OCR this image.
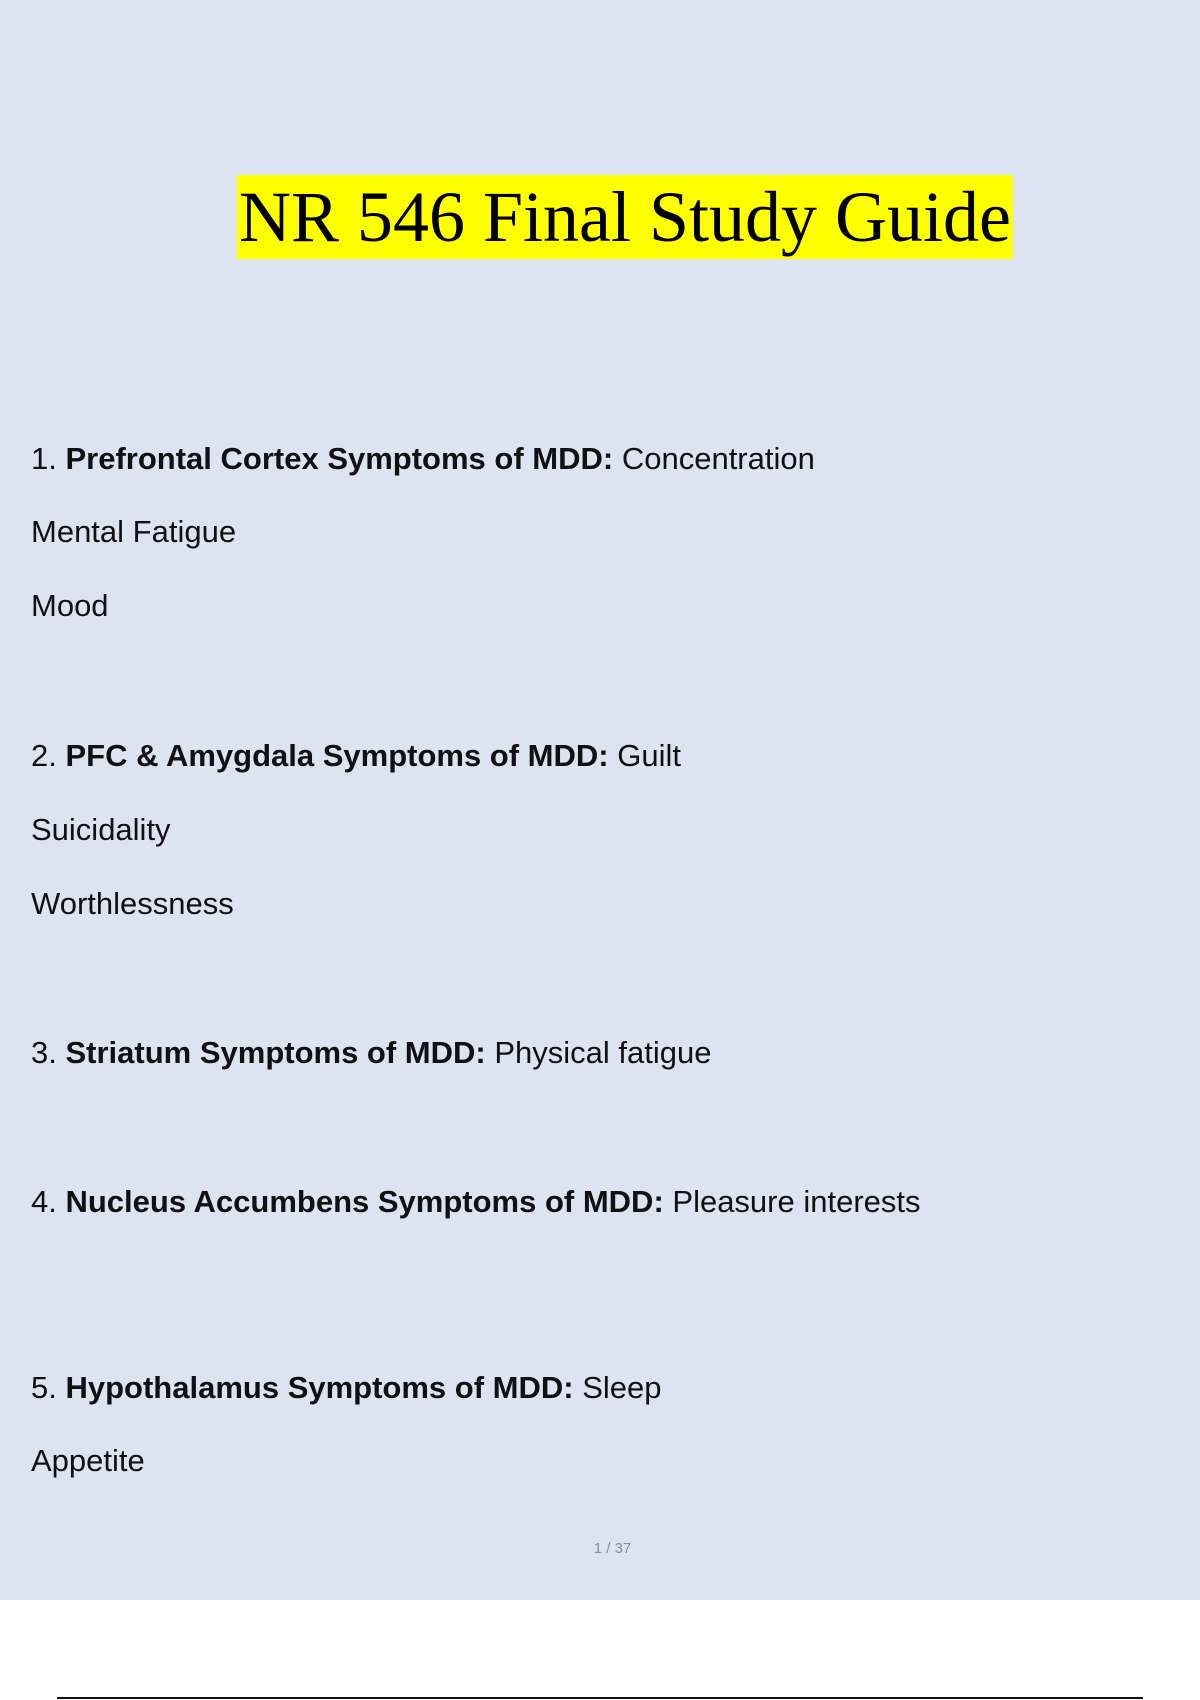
NR 546 Final Study Guide
1. Prefrontal Cortex Symptoms of MDD: Concentration
Mental Fatigue
Mood
2. PFC & Amygdala Symptoms of MDD: Guilt
Suicidality
Worthlessness
3. Striatum Symptoms of MDD: Physical fatigue
4. Nucleus Accumbens Symptoms of MDD: Pleasure interests
5. Hypothalamus Symptoms of MDD: Sleep
Appetite
1 / 37
